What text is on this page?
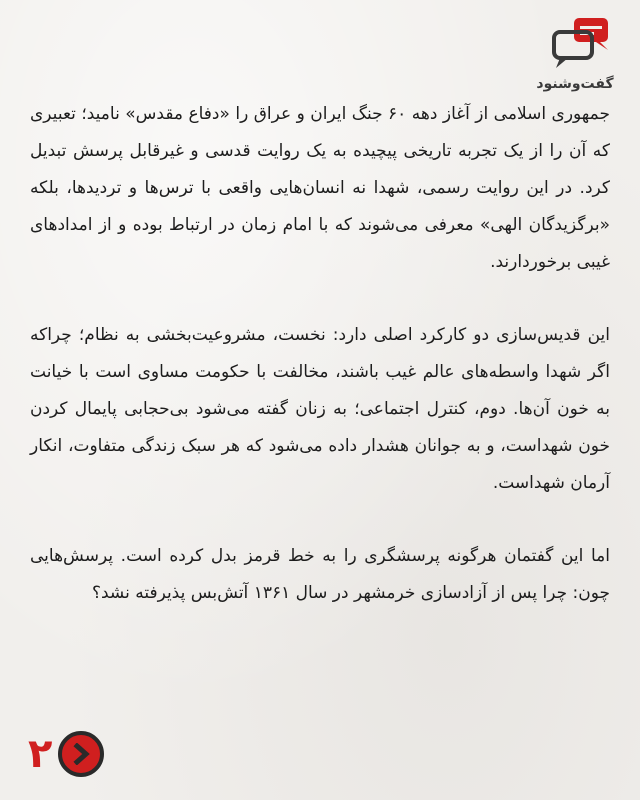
گفت‌وشنود

جمهوری اسلامی از آغاز دهه ۶۰ جنگ ایران و عراق را «دفاع مقدس» نامید؛ تعبیری که آن را از یک تجربه تاریخی پیچیده به یک روایت قدسی و غیرقابل پرسش تبدیل کرد. در این روایت رسمی، شهدا نه انسان‌هایی واقعی با ترس‌ها و تردیدها، بلکه «برگزیدگان الهی» معرفی می‌شوند که با امام زمان در ارتباط بوده و از امدادهای غیبی برخوردارند.

این قدیس‌سازی دو کارکرد اصلی دارد: نخست، مشروعیت‌بخشی به نظام؛ چراکه اگر شهدا واسطه‌های عالم غیب باشند، مخالفت با حکومت مساوی است با خیانت به خون آن‌ها. دوم، کنترل اجتماعی؛ به زنان گفته می‌شود بی‌حجابی پایمال کردن خون شهداست، و به جوانان هشدار داده می‌شود که هر سبک زندگی متفاوت، انکار آرمان شهداست.

اما این گفتمان هرگونه پرسشگری را به خط قرمز بدل کرده است. پرسش‌هایی چون: چرا پس از آزادسازی خرمشهر در سال ۱۳۶۱ آتش‌بس پذیرفته نشد؟

۲
